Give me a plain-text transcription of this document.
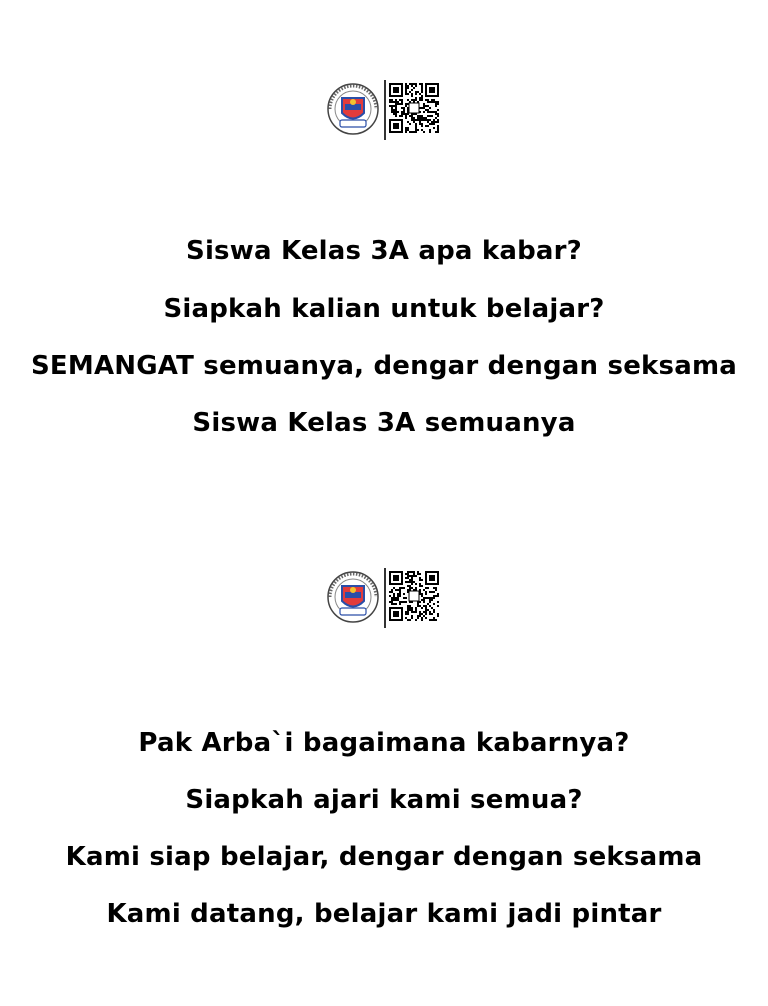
Siswa Kelas 3A apa kabar?
Siapkah kalian untuk belajar?
SEMANGAT semuanya, dengar dengan seksama
Siswa Kelas 3A semuanya
Pak Arba`i bagaimana kabarnya?
Siapkah ajari kami semua?
Kami siap belajar, dengar dengan seksama
Kami datang, belajar kami jadi pintar
